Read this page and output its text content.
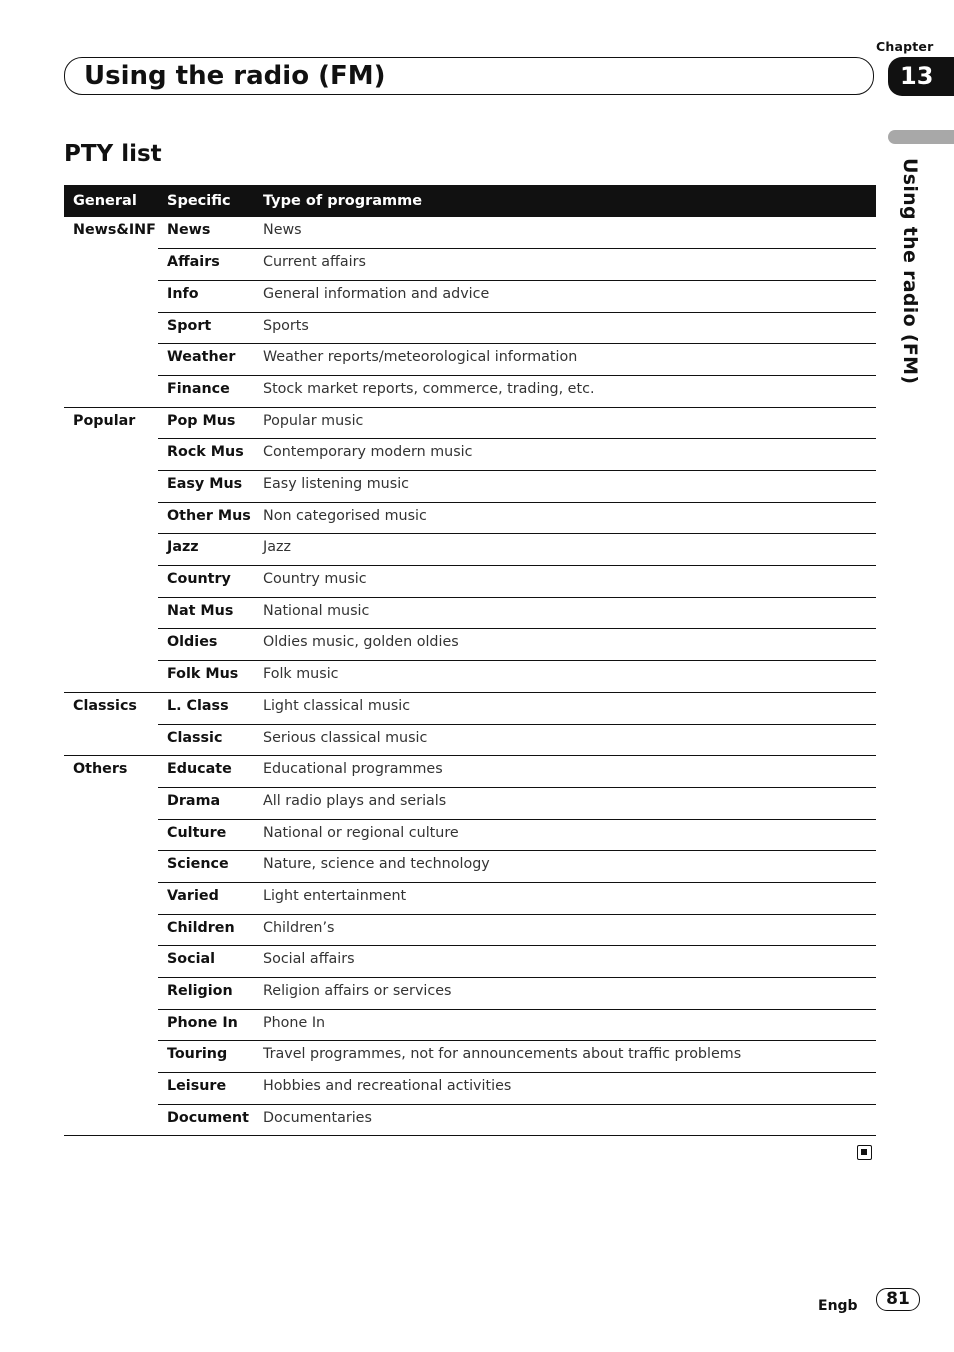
Chapter
Using the radio (FM)	13
Using the radio (FM)
PTY list
General	Specific	Type of programme
News&INF	News	News
	Affairs	Current affairs
	Info	General information and advice
	Sport	Sports
	Weather	Weather reports/meteorological information
	Finance	Stock market reports, commerce, trading, etc.
Popular	Pop Mus	Popular music
	Rock Mus	Contemporary modern music
	Easy Mus	Easy listening music
	Other Mus	Non categorised music
	Jazz	Jazz
	Country	Country music
	Nat Mus	National music
	Oldies	Oldies music, golden oldies
	Folk Mus	Folk music
Classics	L. Class	Light classical music
	Classic	Serious classical music
Others	Educate	Educational programmes
	Drama	All radio plays and serials
	Culture	National or regional culture
	Science	Nature, science and technology
	Varied	Light entertainment
	Children	Children’s
	Social	Social affairs
	Religion	Religion affairs or services
	Phone In	Phone In
	Touring	Travel programmes, not for announcements about traffic problems
	Leisure	Hobbies and recreational activities
	Document	Documentaries
Engb	81
